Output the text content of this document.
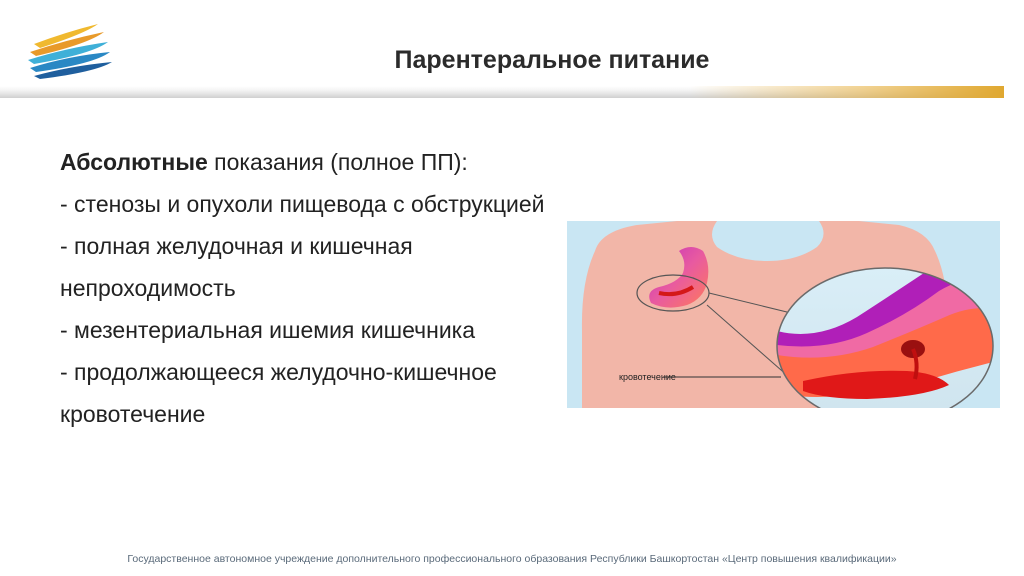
Парентеральное питание

Абсолютные показания (полное ПП):

- стенозы и опухоли пищевода с обструкцией

- полная желудочная и кишечная непроходимость

- мезентериальная ишемия кишечника

- продолжающееся желудочно-кишечное кровотечение

кровотечение
Государственное автономное учреждение дополнительного профессионального образования Республики Башкортостан «Центр повышения квалификации»
